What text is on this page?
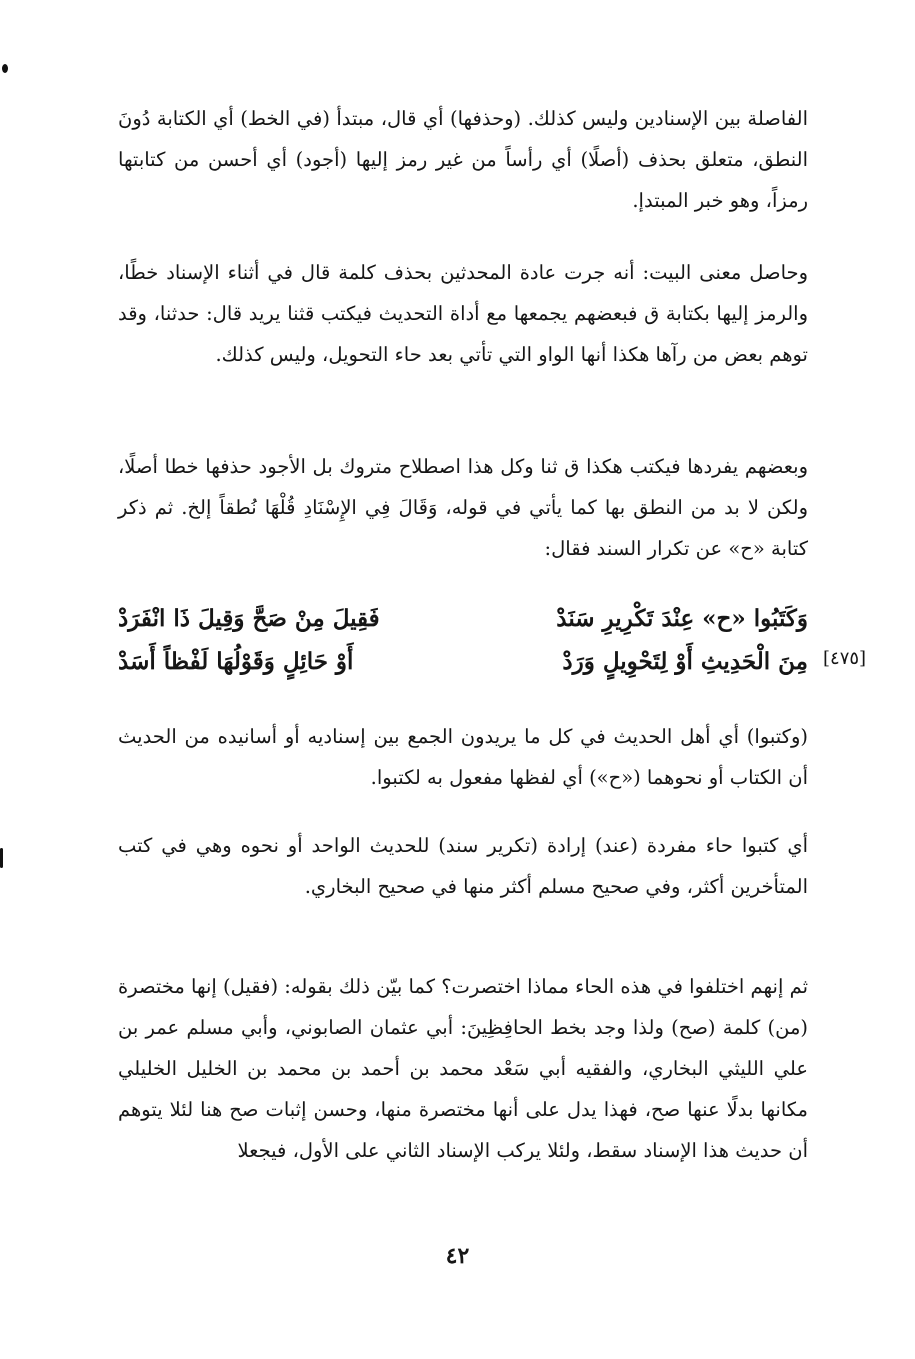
الفاصلة بين الإسنادين وليس كذلك. (وحذفها) أي قال، مبتدأ (في الخط) أي الكتابة دُونَ النطق، متعلق بحذف (أصلًا) أي رأساً من غير رمز إليها (أجود) أي أحسن من كتابتها رمزاً، وهو خبر المبتدإ.

وحاصل معنى البيت: أنه جرت عادة المحدثين بحذف كلمة قال في أثناء الإسناد خطًا، والرمز إليها بكتابة ق فبعضهم يجمعها مع أداة التحديث فيكتب قثنا يريد قال: حدثنا، وقد توهم بعض من رآها هكذا أنها الواو التي تأتي بعد حاء التحويل، وليس كذلك.

وبعضهم يفردها فيكتب هكذا ق ثنا وكل هذا اصطلاح متروك بل الأجود حذفها خطا أصلًا، ولكن لا بد من النطق بها كما يأتي في قوله، وَقَالَ فِي الإِسْنَادِ قُلْهَا نُطقاً إلخ. ثم ذكر كتابة «ح» عن تكرار السند فقال:

وَكَتَبُوا «ح» عِنْدَ تَكْرِيرِ سَنَدْ
فَقِيلَ مِنْ صَحَّ وَقِيلَ ذَا انْفَرَدْ
مِنَ الْحَدِيثِ أَوْ لِتَحْوِيلٍ وَرَدْ
أَوْ حَائِلٍ وَقَوْلُهَا لَفْظاً أَسَدْ	[٤٧٥]

(وكتبوا) أي أهل الحديث في كل ما يريدون الجمع بين إسناديه أو أسانيده من الحديث أن الكتاب أو نحوهما («ح») أي لفظها مفعول به لكتبوا.

أي كتبوا حاء مفردة (عند) إرادة (تكرير سند) للحديث الواحد أو نحوه وهي في كتب المتأخرين أكثر، وفي صحيح مسلم أكثر منها في صحيح البخاري.

ثم إنهم اختلفوا في هذه الحاء مماذا اختصرت؟ كما بيّن ذلك بقوله: (فقيل) إنها مختصرة (من) كلمة (صح) ولذا وجد بخط الحافِظِينَ: أبي عثمان الصابوني، وأبي مسلم عمر بن علي الليثي البخاري، والفقيه أبي سَعْد محمد بن أحمد بن محمد بن الخليل الخليلي مكانها بدلًا عنها صح، فهذا يدل على أنها مختصرة منها، وحسن إثبات صح هنا لئلا يتوهم أن حديث هذا الإسناد سقط، ولئلا يركب الإسناد الثاني على الأول، فيجعلا

٤٢
